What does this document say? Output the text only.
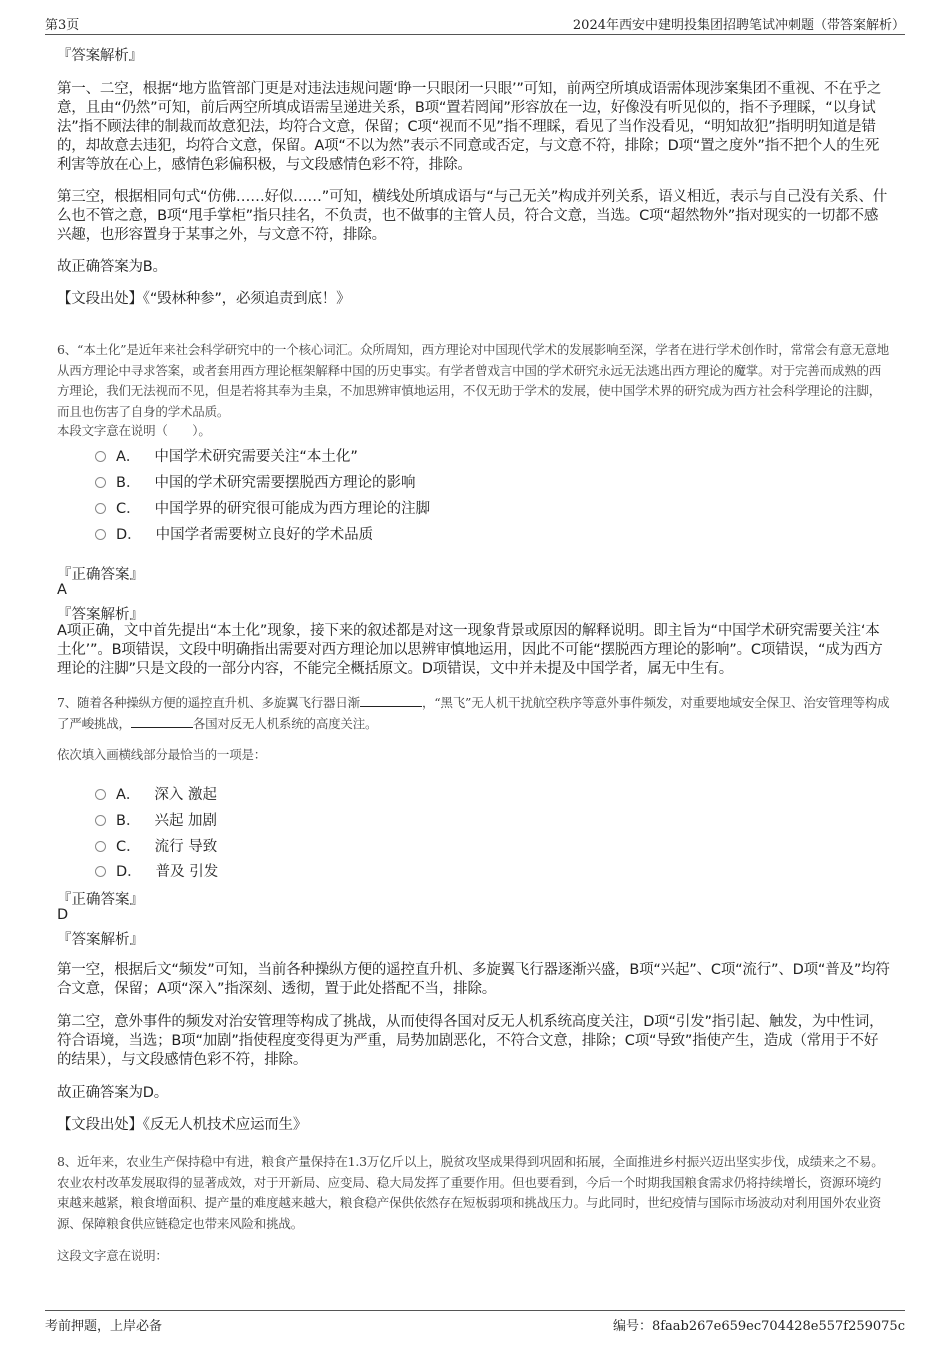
第3页	2024年西安中建明投集团招聘笔试冲刺题（带答案解析）
『答案解析』
第一、二空，根据“地方监管部门更是对违法违规问题‘睁一只眼闭一只眼’”可知，前两空所填成语需体现涉案集团不重视、不在乎之意，且由“仍然”可知，前后两空所填成语需呈递进关系，B项“置若罔闻”形容放在一边，好像没有听见似的，指不予理睬，“以身试法”指不顾法律的制裁而故意犯法，均符合文意，保留；C项“视而不见”指不理睬，看见了当作没看见，“明知故犯”指明明知道是错的，却故意去违犯，均符合文意，保留。A项“不以为然”表示不同意或否定，与文意不符，排除；D项“置之度外”指不把个人的生死利害等放在心上，感情色彩偏积极，与文段感情色彩不符，排除。
第三空，根据相同句式“仿佛……好似……”可知，横线处所填成语与“与己无关”构成并列关系，语义相近，表示与自己没有关系、什么也不管之意，B项“甩手掌柜”指只挂名，不负责，也不做事的主管人员，符合文意，当选。C项“超然物外”指对现实的一切都不感兴趣，也形容置身于某事之外，与文意不符，排除。
故正确答案为B。
【文段出处】《“毁林种参”，必须追责到底！》
6、“本土化”是近年来社会科学研究中的一个核心词汇。众所周知，西方理论对中国现代学术的发展影响至深，学者在进行学术创作时，常常会有意无意地从西方理论中寻求答案，或者套用西方理论框架解释中国的历史事实。有学者曾戏言中国的学术研究永远无法逃出西方理论的魔掌。对于完善而成熟的西方理论，我们无法视而不见，但是若将其奉为圭臬，不加思辨审慎地运用，不仅无助于学术的发展，使中国学术界的研究成为西方社会科学理论的注脚，而且也伤害了自身的学术品质。
本段文字意在说明（　　）。
A． 中国学术研究需要关注“本土化”
B． 中国的学术研究需要摆脱西方理论的影响
C． 中国学界的研究很可能成为西方理论的注脚
D． 中国学者需要树立良好的学术品质
『正确答案』
A
『答案解析』
A项正确，文中首先提出“本土化”现象，接下来的叙述都是对这一现象背景或原因的解释说明。即主旨为“中国学术研究需要关注‘本土化’”。B项错误，文段中明确指出需要对西方理论加以思辨审慎地运用，因此不可能“摆脱西方理论的影响”。C项错误，“成为西方理论的注脚”只是文段的一部分内容，不能完全概括原文。D项错误，文中并未提及中国学者，属无中生有。
7、随着各种操纵方便的遥控直升机、多旋翼飞行器日渐	，“黑飞”无人机干扰航空秩序等意外事件频发，对重要地域安全保卫、治安管理等构成了严峻挑战，	各国对反无人机系统的高度关注。
依次填入画横线部分最恰当的一项是：
A． 深入 激起
B． 兴起 加剧
C． 流行 导致
D． 普及 引发
『正确答案』
D
『答案解析』
第一空，根据后文“频发”可知，当前各种操纵方便的遥控直升机、多旋翼飞行器逐渐兴盛，B项“兴起”、C项“流行”、D项“普及”均符合文意，保留；A项“深入”指深刻、透彻，置于此处搭配不当，排除。
第二空，意外事件的频发对治安管理等构成了挑战，从而使得各国对反无人机系统高度关注，D项“引发”指引起、触发，为中性词，符合语境，当选；B项“加剧”指使程度变得更为严重，局势加剧恶化，不符合文意，排除；C项“导致”指使产生，造成（常用于不好的结果），与文段感情色彩不符，排除。
故正确答案为D。
【文段出处】《反无人机技术应运而生》
8、近年来，农业生产保持稳中有进，粮食产量保持在1.3万亿斤以上，脱贫攻坚成果得到巩固和拓展，全面推进乡村振兴迈出坚实步伐，成绩来之不易。农业农村改革发展取得的显著成效，对于开新局、应变局、稳大局发挥了重要作用。但也要看到，今后一个时期我国粮食需求仍将持续增长，资源环境约束越来越紧，粮食增面积、提产量的难度越来越大，粮食稳产保供依然存在短板弱项和挑战压力。与此同时，世纪疫情与国际市场波动对利用国外农业资源、保障粮食供应链稳定也带来风险和挑战。
这段文字意在说明：
考前押题，上岸必备	编号：8faab267e659ec704428e557f259075c
